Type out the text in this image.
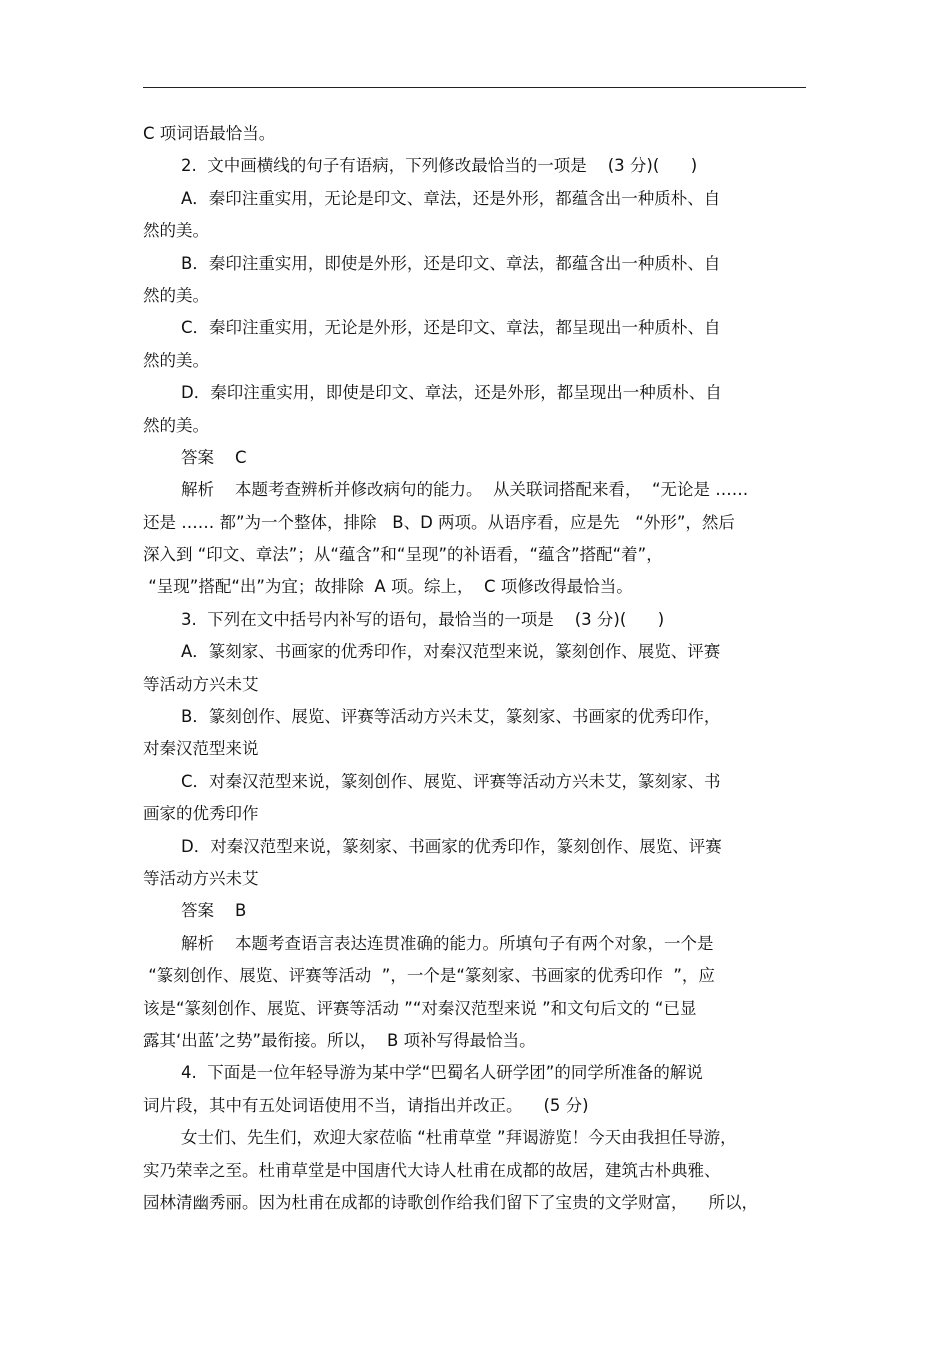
C 项词语最恰当。
2.  文中画横线的句子有语病，下列修改最恰当的一项是    (3 分)(      )
A．秦印注重实用，无论是印文、章法，还是外形，都蕴含出一种质朴、自
然的美。
B．秦印注重实用，即使是外形，还是印文、章法，都蕴含出一种质朴、自
然的美。
C．秦印注重实用，无论是外形，还是印文、章法，都呈现出一种质朴、自
然的美。
D．秦印注重实用，即使是印文、章法，还是外形，都呈现出一种质朴、自
然的美。
答案    C
解析    本题考查辨析并修改病句的能力。  从关联词搭配来看，  “无论是 ……
还是 …… 都”为一个整体，排除   B、D 两项。从语序看，应是先   “外形”，然后
深入到 “印文、章法”；从“蕴含”和“呈现”的补语看，“蕴含”搭配“着”，
“呈现”搭配“出”为宜；故排除  A 项。综上，  C 项修改得最恰当。
3.  下列在文中括号内补写的语句，最恰当的一项是    (3 分)(      )
A．篆刻家、书画家的优秀印作，对秦汉范型来说，篆刻创作、展览、评赛
等活动方兴未艾
B．篆刻创作、展览、评赛等活动方兴未艾，篆刻家、书画家的优秀印作，
对秦汉范型来说
C．对秦汉范型来说，篆刻创作、展览、评赛等活动方兴未艾，篆刻家、书
画家的优秀印作
D．对秦汉范型来说，篆刻家、书画家的优秀印作，篆刻创作、展览、评赛
等活动方兴未艾
答案    B
解析    本题考查语言表达连贯准确的能力。所填句子有两个对象，一个是
“篆刻创作、展览、评赛等活动  ”，一个是“篆刻家、书画家的优秀印作  ”，应
该是“篆刻创作、展览、评赛等活动 ”“对秦汉范型来说 ”和文句后文的 “已显
露其‘出蓝’之势”最衔接。所以，  B 项补写得最恰当。
4.  下面是一位年轻导游为某中学“巴蜀名人研学团”的同学所准备的解说
词片段，其中有五处词语使用不当，请指出并改正。    (5 分)
女士们、先生们，欢迎大家莅临 “杜甫草堂 ”拜谒游览！今天由我担任导游，
实乃荣幸之至。杜甫草堂是中国唐代大诗人杜甫在成都的故居，建筑古朴典雅、
园林清幽秀丽。因为杜甫在成都的诗歌创作给我们留下了宝贵的文学财富，    所以，
